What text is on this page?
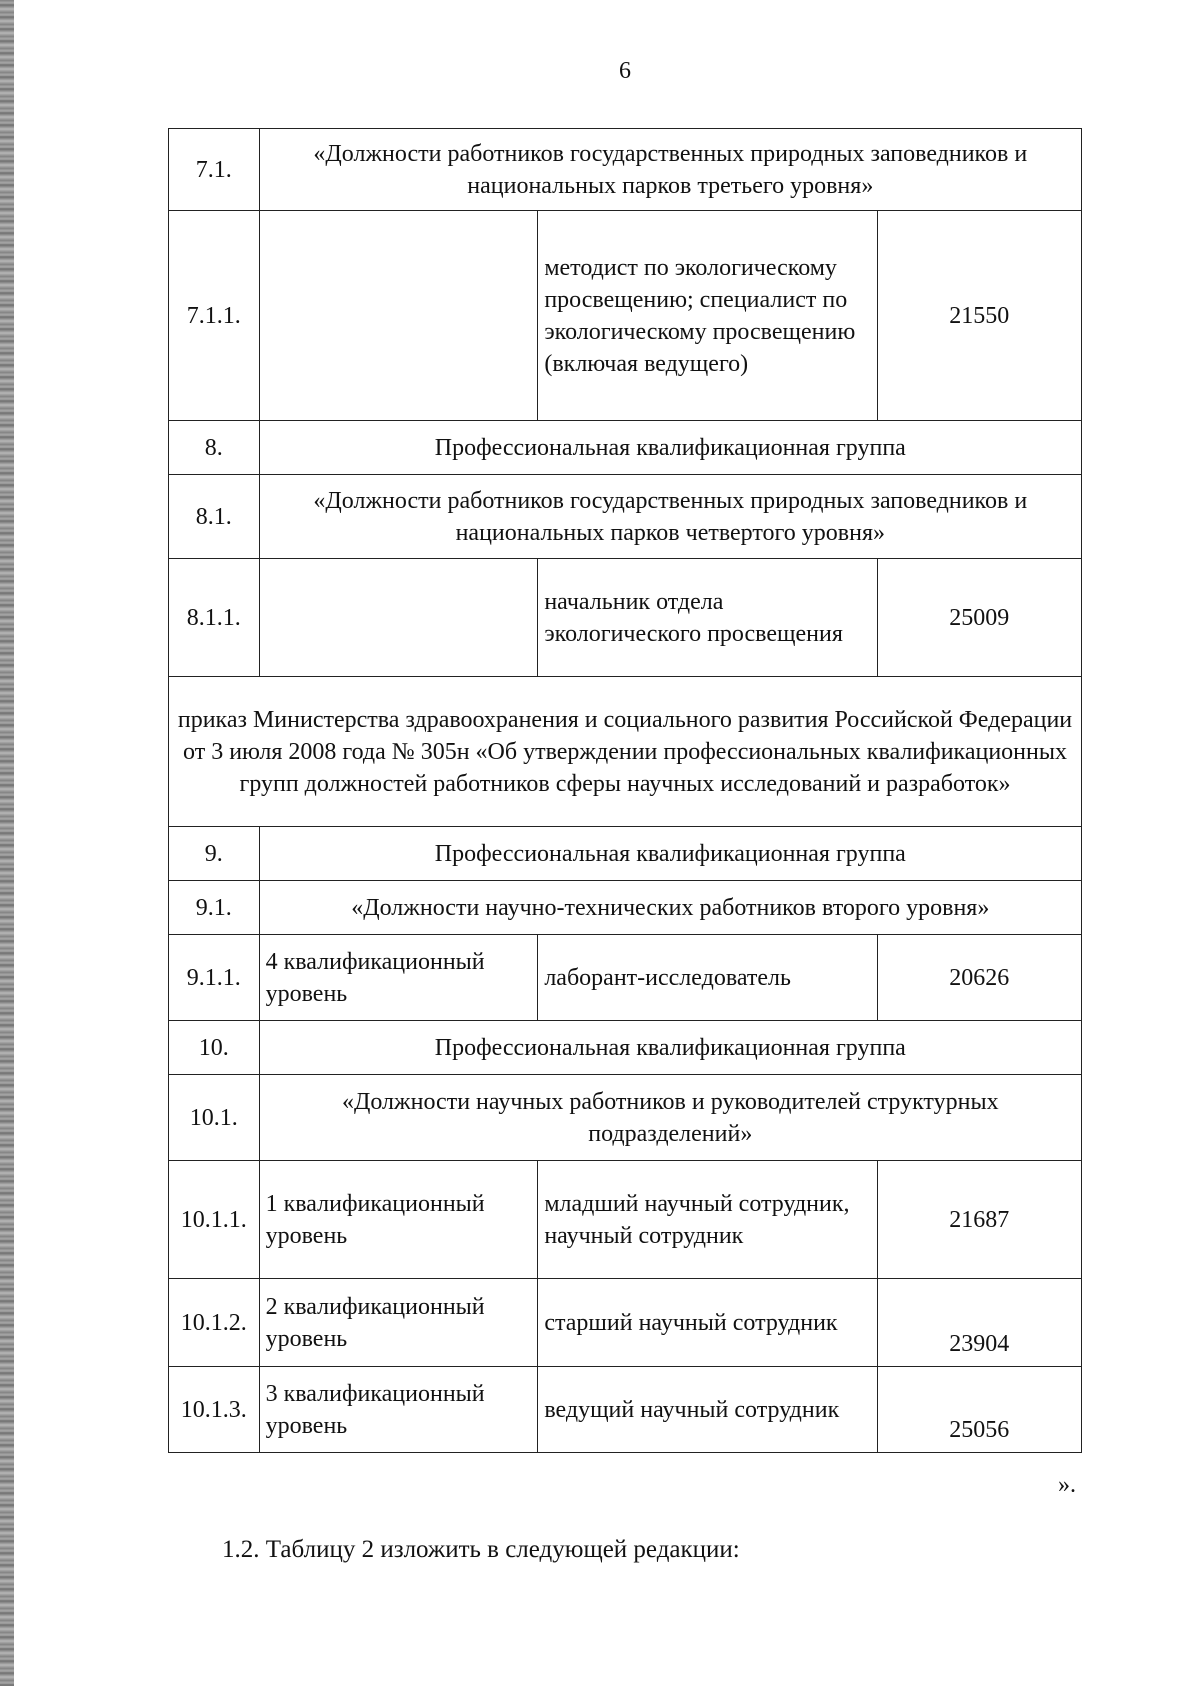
6
7.1.	«Должности работников государственных природных заповедников и национальных парков третьего уровня»		
7.1.1.		методист по экологическому просвещению; специалист по экологическому просвещению (включая ведущего)	21550
8.	Профессиональная квалификационная группа		
8.1.	«Должности работников государственных природных заповедников и национальных парков четвертого уровня»		
8.1.1.		начальник отдела экологического просвещения	25009
приказ Министерства здравоохранения и социального развития Российской Федерации от 3 июля 2008 года № 305н «Об утверждении профессиональных квалификационных групп должностей работников сферы научных исследований и разработок»			
9.	Профессиональная квалификационная группа		
9.1.	«Должности научно-технических работников второго уровня»		
9.1.1.	4 квалификационный уровень	лаборант-исследователь	20626
10.	Профессиональная квалификационная группа		
10.1.	«Должности научных работников и руководителей структурных подразделений»		
10.1.1.	1 квалификационный уровень	младший научный сотрудник, научный сотрудник	21687
10.1.2.	2 квалификационный уровень	старший научный сотрудник	23904
10.1.3.	3 квалификационный уровень	ведущий научный сотрудник	25056
».
1.2. Таблицу 2 изложить в следующей редакции:
